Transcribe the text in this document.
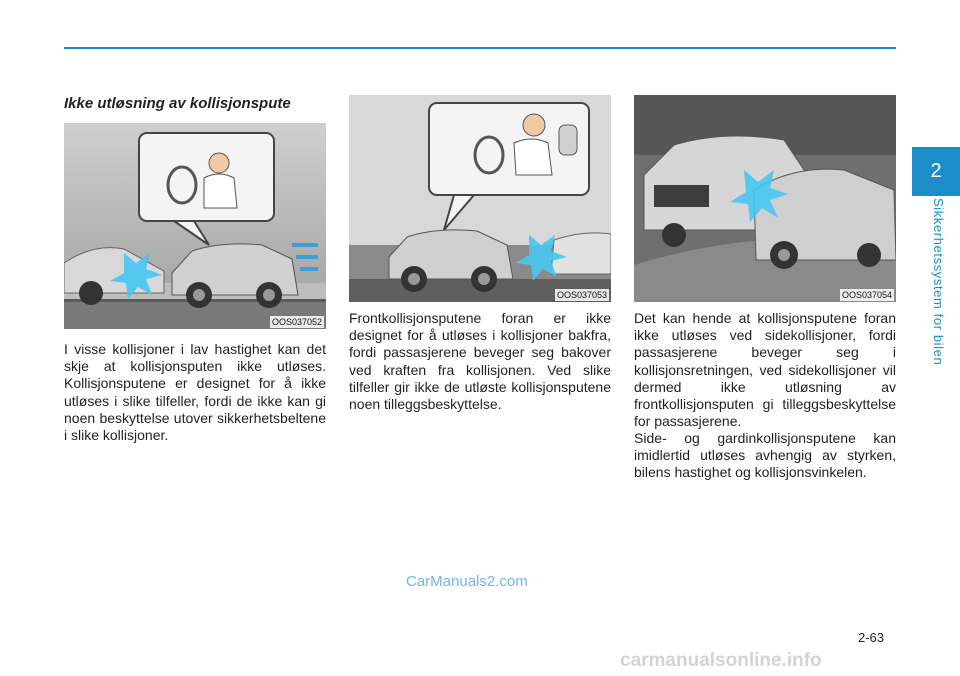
2
Sikkerhetssystem for bilen
Ikke utløsning av kollisjonspute
OOS037052
OOS037053	OOS037054

I visse kollisjoner i lav hastighet kan det skje at kollisjonsputen ikke utløses. Kollisjonsputene er designet for å ikke utløses i slike tilfeller, fordi de ikke kan gi noen beskyttelse utover sikkerhetsbeltene i slike kollisjoner.

Frontkollisjonsputene foran er ikke designet for å utløses i kollisjoner bakfra, fordi passasjerene beveger seg bakover ved kraften fra kollisjonen. Ved slike tilfeller gir ikke de utløste kollisjonsputene noen tilleggsbeskyttelse.

Det kan hende at kollisjonsputene foran ikke utløses ved sidekollisjoner, fordi passasjerene beveger seg i kollisjonsretningen, ved sidekollisjoner vil dermed ikke utløsning av frontkollisjonsputen gi tilleggsbeskyttelse for passasjerene.

Side- og gardinkollisjonsputene kan imidlertid utløses avhengig av styrken, bilens hastighet og kollisjonsvinkelen.

CarManuals2.com
2-63
carmanualsonline.info
